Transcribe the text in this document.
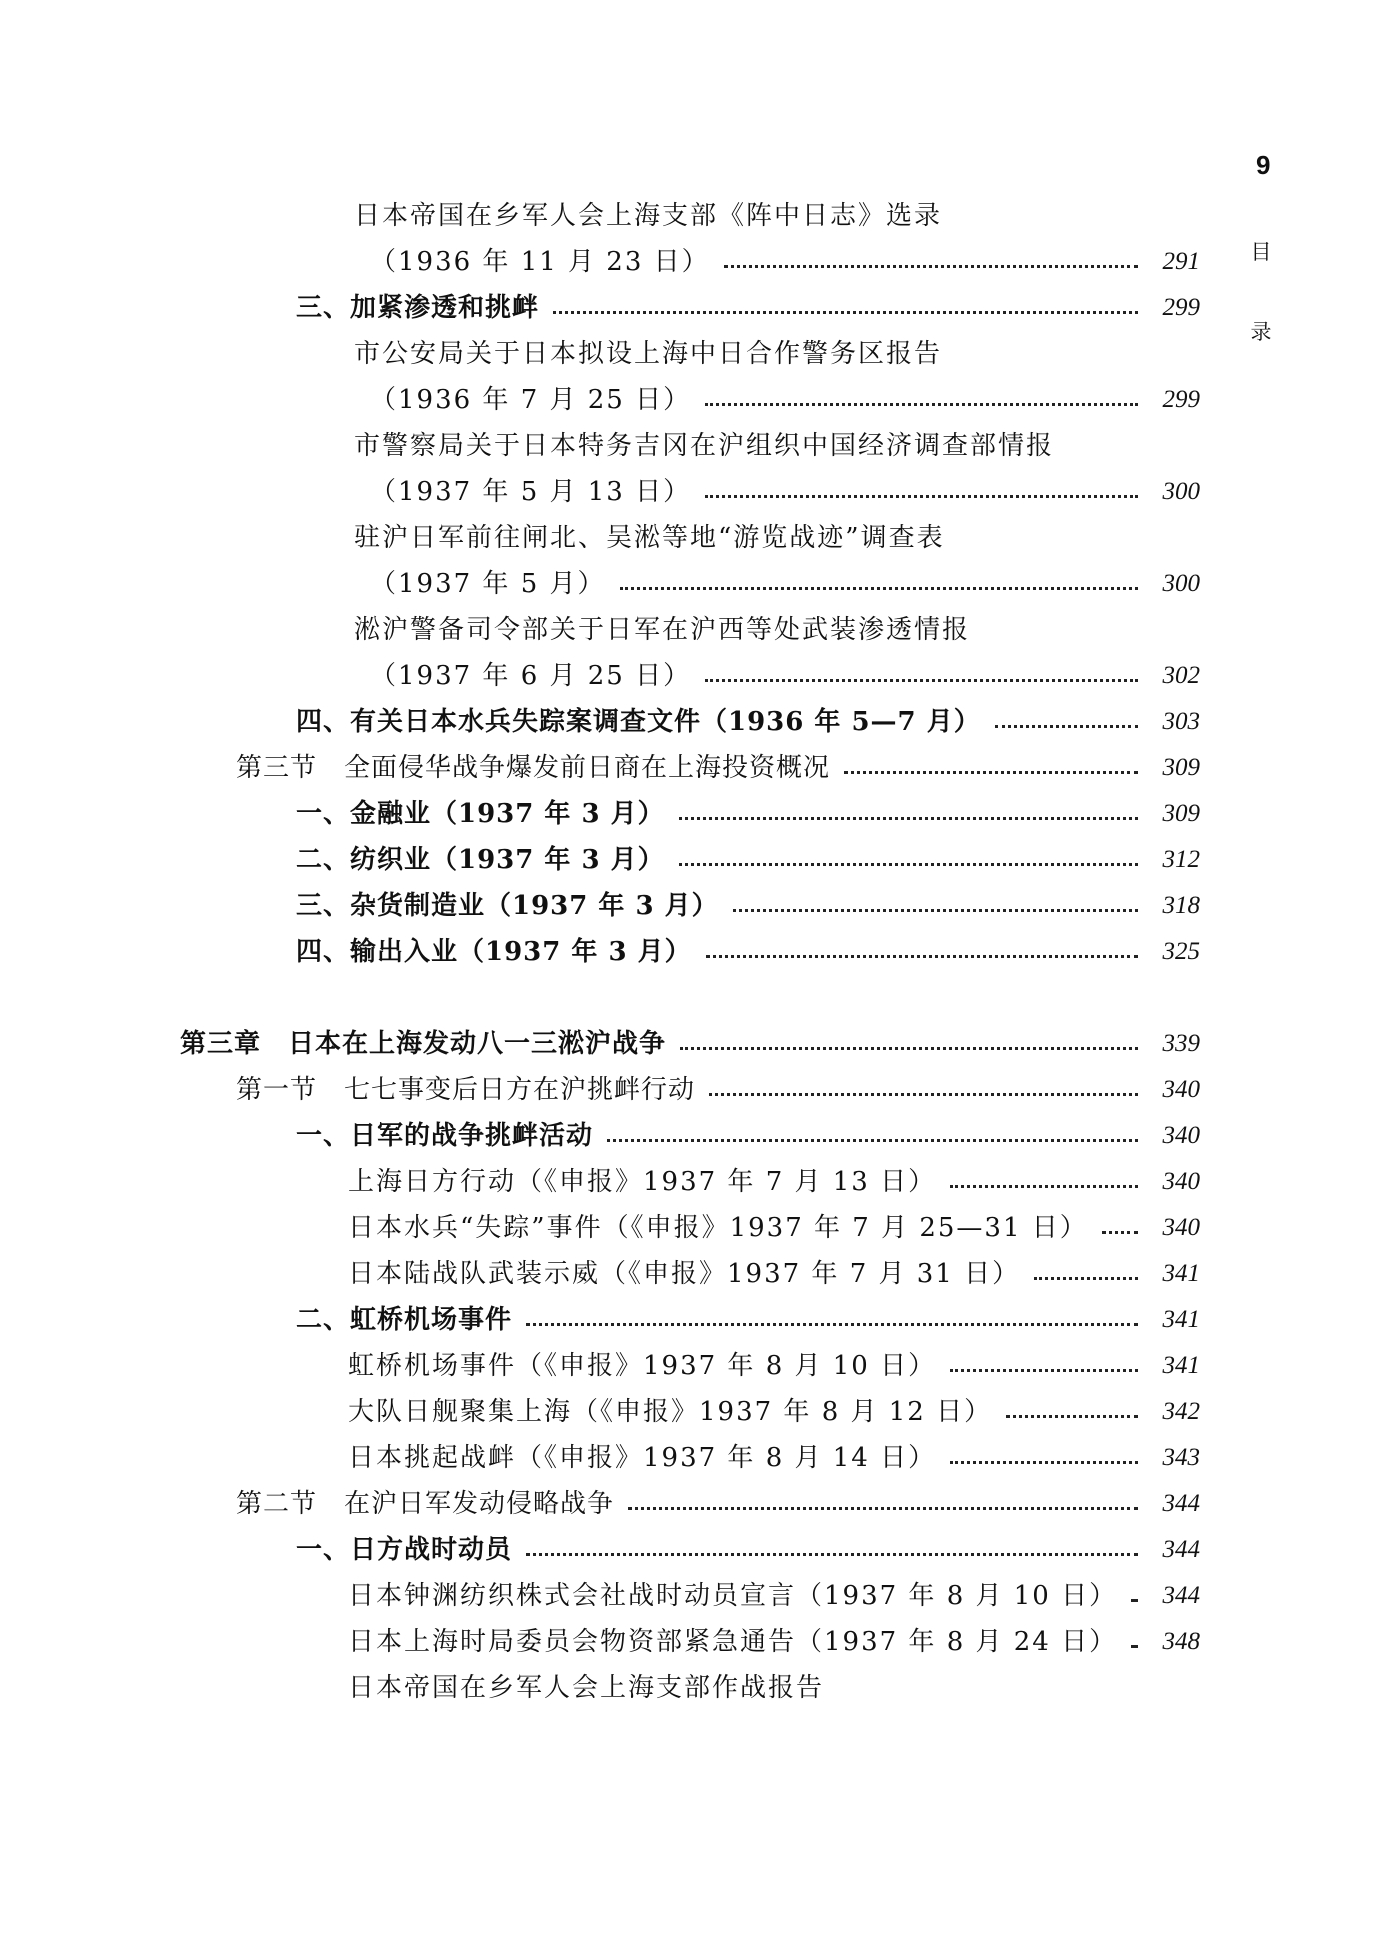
9
目
录
日本帝国在乡军人会上海支部《阵中日志》选录
（1936 年 11 月 23 日）	291
三、加紧渗透和挑衅	299
市公安局关于日本拟设上海中日合作警务区报告
（1936 年 7 月 25 日）	299
市警察局关于日本特务吉冈在沪组织中国经济调查部情报
（1937 年 5 月 13 日）	300
驻沪日军前往闸北、吴淞等地“游览战迹”调查表
（1937 年 5 月）	300
淞沪警备司令部关于日军在沪西等处武装渗透情报
（1937 年 6 月 25 日）	302
四、有关日本水兵失踪案调查文件（1936 年 5—7 月）	303
第三节　全面侵华战争爆发前日商在上海投资概况	309
一、金融业（1937 年 3 月）	309
二、纺织业（1937 年 3 月）	312
三、杂货制造业（1937 年 3 月）	318
四、输出入业（1937 年 3 月）	325
第三章　日本在上海发动八一三淞沪战争	339
第一节　七七事变后日方在沪挑衅行动	340
一、日军的战争挑衅活动	340
上海日方行动（《申报》1937 年 7 月 13 日）	340
日本水兵“失踪”事件（《申报》1937 年 7 月 25—31 日）	340
日本陆战队武装示威（《申报》1937 年 7 月 31 日）	341
二、虹桥机场事件	341
虹桥机场事件（《申报》1937 年 8 月 10 日）	341
大队日舰聚集上海（《申报》1937 年 8 月 12 日）	342
日本挑起战衅（《申报》1937 年 8 月 14 日）	343
第二节　在沪日军发动侵略战争	344
一、日方战时动员	344
日本钟渊纺织株式会社战时动员宣言（1937 年 8 月 10 日）	344
日本上海时局委员会物资部紧急通告（1937 年 8 月 24 日）	348
日本帝国在乡军人会上海支部作战报告
